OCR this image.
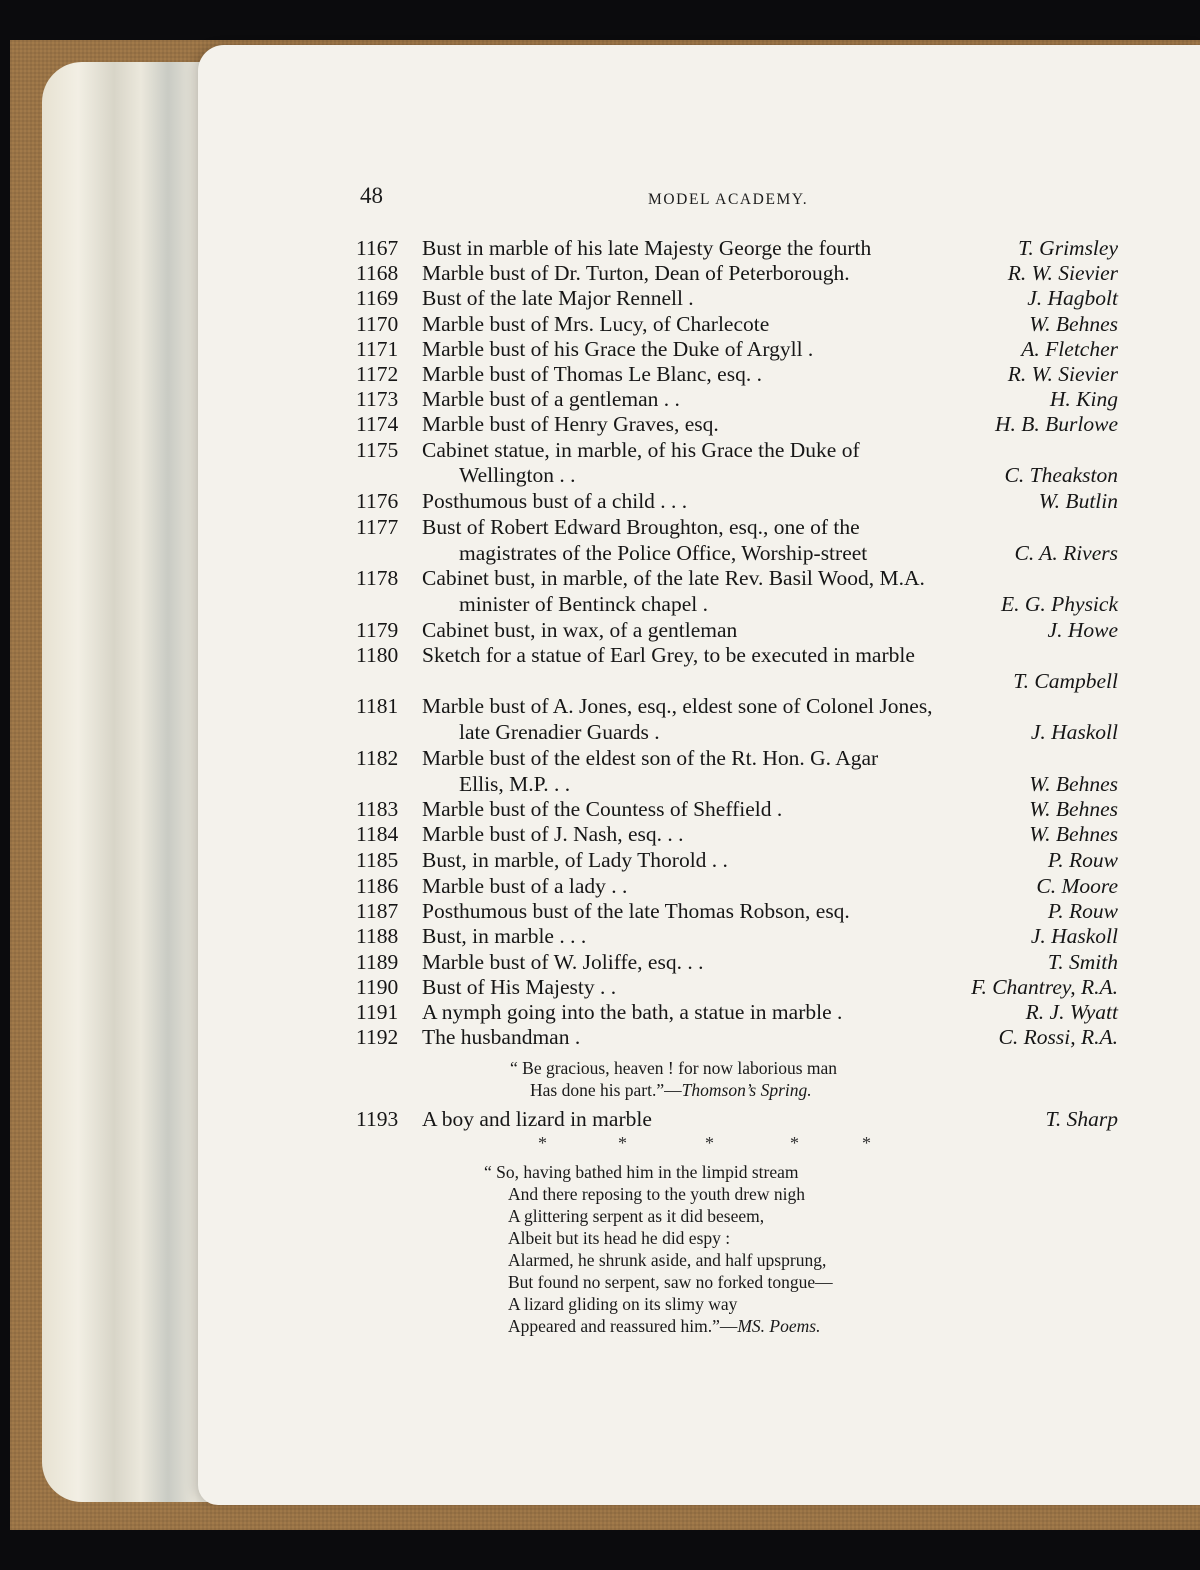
48	MODEL ACADEMY.
1167 Bust in marble of his late Majesty George the fourth	T. Grimsley
1168 Marble bust of Dr. Turton, Dean of Peterborough.	R. W. Sievier
1169 Bust of the late Major Rennell .	J. Hagbolt
1170 Marble bust of Mrs. Lucy, of Charlecote	W. Behnes
1171 Marble bust of his Grace the Duke of Argyll .	A. Fletcher
1172 Marble bust of Thomas Le Blanc, esq. .	R. W. Sievier
1173 Marble bust of a gentleman . .	H. King
1174 Marble bust of Henry Graves, esq.	H. B. Burlowe
1175 Cabinet statue, in marble, of his Grace the Duke of
Wellington . .	C. Theakston
1176 Posthumous bust of a child . . .	W. Butlin
1177 Bust of Robert Edward Broughton, esq., one of the
magistrates of the Police Office, Worship-street	C. A. Rivers
1178 Cabinet bust, in marble, of the late Rev. Basil Wood, M.A.
minister of Bentinck chapel .	E. G. Physick
1179 Cabinet bust, in wax, of a gentleman	J. Howe
1180 Sketch for a statue of Earl Grey, to be executed in marble
T. Campbell
1181 Marble bust of A. Jones, esq., eldest sone of Colonel Jones,
late Grenadier Guards .	J. Haskoll
1182 Marble bust of the eldest son of the Rt. Hon. G. Agar
Ellis, M.P. . .	W. Behnes
1183 Marble bust of the Countess of Sheffield .	W. Behnes
1184 Marble bust of J. Nash, esq. . .	W. Behnes
1185 Bust, in marble, of Lady Thorold . .	P. Rouw
1186 Marble bust of a lady . .	C. Moore
1187 Posthumous bust of the late Thomas Robson, esq.	P. Rouw
1188 Bust, in marble . . .	J. Haskoll
1189 Marble bust of W. Joliffe, esq. . .	T. Smith
1190 Bust of His Majesty . .	F. Chantrey, R.A.
1191 A nymph going into the bath, a statue in marble .	R. J. Wyatt
1192 The husbandman .	C. Rossi, R.A.
“ Be gracious, heaven ! for now laborious man
Has done his part.”—Thomson’s Spring.
1193 A boy and lizard in marble	T. Sharp
*	*	*	*	*
“ So, having bathed him in the limpid stream
And there reposing to the youth drew nigh
A glittering serpent as it did beseem,
Albeit but its head he did espy :
Alarmed, he shrunk aside, and half upsprung,
But found no serpent, saw no forked tongue—
A lizard gliding on its slimy way
Appeared and reassured him.”—MS. Poems.
